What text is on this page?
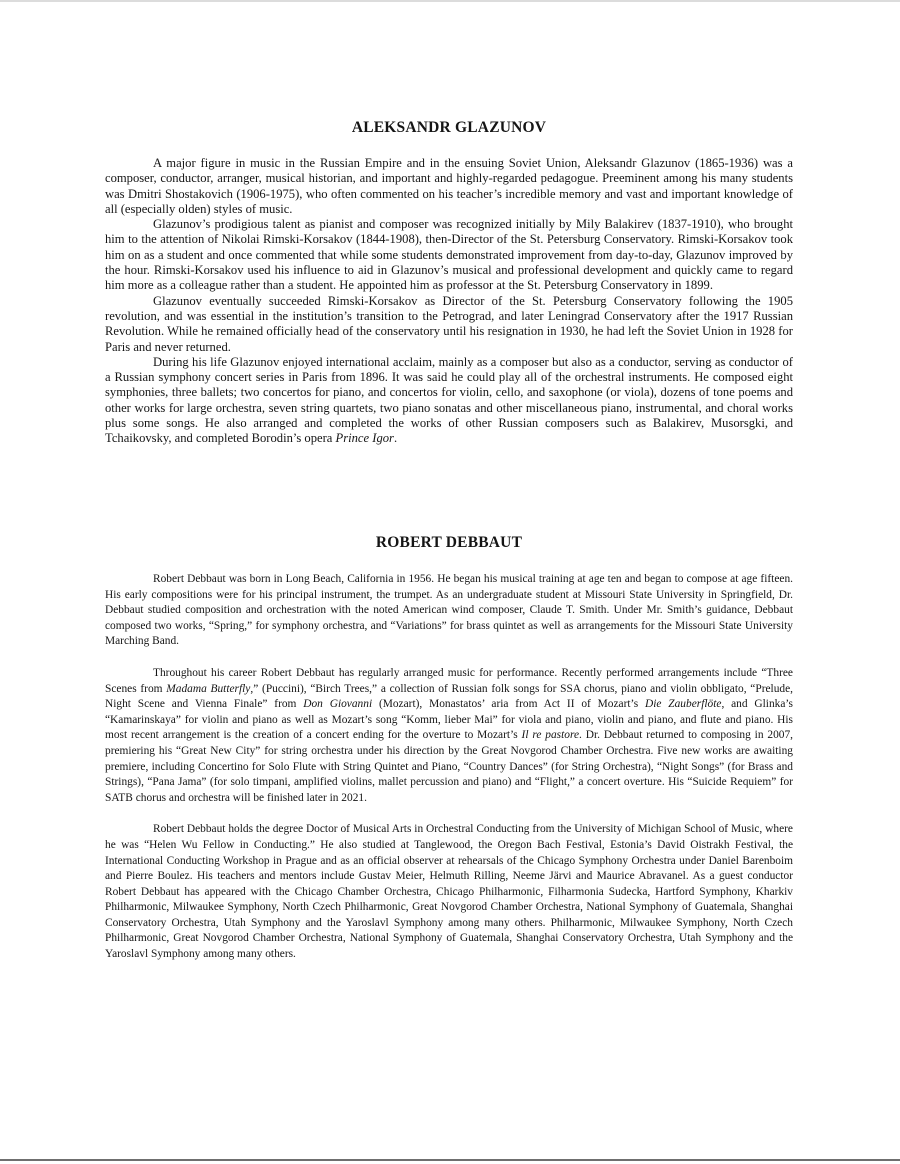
ALEKSANDR GLAZUNOV

A major figure in music in the Russian Empire and in the ensuing Soviet Union, Aleksandr Glazunov (1865-1936) was a composer, conductor, arranger, musical historian, and important and highly-regarded pedagogue. Preeminent among his many students was Dmitri Shostakovich (1906-1975), who often commented on his teacher’s incredible memory and vast and important knowledge of all (especially olden) styles of music.

Glazunov’s prodigious talent as pianist and composer was recognized initially by Mily Balakirev (1837-1910), who brought him to the attention of Nikolai Rimski-Korsakov (1844-1908), then-Director of the St. Petersburg Conservatory. Rimski-Korsakov took him on as a student and once commented that while some students demonstrated improvement from day-to-day, Glazunov improved by the hour. Rimski-Korsakov used his influence to aid in Glazunov’s musical and professional development and quickly came to regard him more as a colleague rather than a student. He appointed him as professor at the St. Petersburg Conservatory in 1899.

Glazunov eventually succeeded Rimski-Korsakov as Director of the St. Petersburg Conservatory following the 1905 revolution, and was essential in the institution’s transition to the Petrograd, and later Leningrad Conservatory after the 1917 Russian Revolution. While he remained officially head of the conservatory until his resignation in 1930, he had left the Soviet Union in 1928 for Paris and never returned.

During his life Glazunov enjoyed international acclaim, mainly as a composer but also as a conductor, serving as conductor of a Russian symphony concert series in Paris from 1896. It was said he could play all of the orchestral instruments. He composed eight symphonies, three ballets; two concertos for piano, and concertos for violin, cello, and saxophone (or viola), dozens of tone poems and other works for large orchestra, seven string quartets, two piano sonatas and other miscellaneous piano, instrumental, and choral works plus some songs. He also arranged and completed the works of other Russian composers such as Balakirev, Musorsgki, and Tchaikovsky, and completed Borodin’s opera Prince Igor.

ROBERT DEBBAUT

Robert Debbaut was born in Long Beach, California in 1956. He began his musical training at age ten and began to compose at age fifteen. His early compositions were for his principal instrument, the trumpet. As an undergraduate student at Missouri State University in Springfield, Dr. Debbaut studied composition and orchestration with the noted American wind composer, Claude T. Smith. Under Mr. Smith’s guidance, Debbaut composed two works, “Spring,” for symphony orchestra, and “Variations” for brass quintet as well as arrangements for the Missouri State University Marching Band.

Throughout his career Robert Debbaut has regularly arranged music for performance. Recently performed arrangements include “Three Scenes from Madama Butterfly,” (Puccini), “Birch Trees,” a collection of Russian folk songs for SSA chorus, piano and violin obbligato, “Prelude, Night Scene and Vienna Finale” from Don Giovanni (Mozart), Monastatos’ aria from Act II of Mozart’s Die Zauberflöte, and Glinka’s “Kamarinskaya” for violin and piano as well as Mozart’s song “Komm, lieber Mai” for viola and piano, violin and piano, and flute and piano. His most recent arrangement is the creation of a concert ending for the overture to Mozart’s Il re pastore. Dr. Debbaut returned to composing in 2007, premiering his “Great New City” for string orchestra under his direction by the Great Novgorod Chamber Orchestra. Five new works are awaiting premiere, including Concertino for Solo Flute with String Quintet and Piano, “Country Dances” (for String Orchestra), “Night Songs” (for Brass and Strings), “Pana Jama” (for solo timpani, amplified violins, mallet percussion and piano) and “Flight,” a concert overture. His “Suicide Requiem” for SATB chorus and orchestra will be finished later in 2021.

Robert Debbaut holds the degree Doctor of Musical Arts in Orchestral Conducting from the University of Michigan School of Music, where he was “Helen Wu Fellow in Conducting.” He also studied at Tanglewood, the Oregon Bach Festival, Estonia’s David Oistrakh Festival, the International Conducting Workshop in Prague and as an official observer at rehearsals of the Chicago Symphony Orchestra under Daniel Barenboim and Pierre Boulez. His teachers and mentors include Gustav Meier, Helmuth Rilling, Neeme Järvi and Maurice Abravanel. As a guest conductor Robert Debbaut has appeared with the Chicago Chamber Orchestra, Chicago Philharmonic, Filharmonia Sudecka, Hartford Symphony, Kharkiv Philharmonic, Milwaukee Symphony, North Czech Philharmonic, Great Novgorod Chamber Orchestra, National Symphony of Guatemala, Shanghai Conservatory Orchestra, Utah Symphony and the Yaroslavl Symphony among many others. Philharmonic, Milwaukee Symphony, North Czech Philharmonic, Great Novgorod Chamber Orchestra, National Symphony of Guatemala, Shanghai Conservatory Orchestra, Utah Symphony and the Yaroslavl Symphony among many others.
